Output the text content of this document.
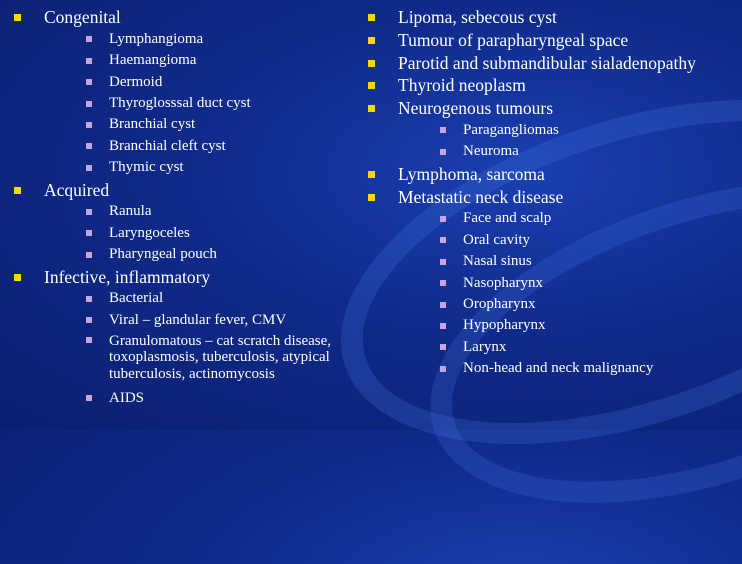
Congenital
Lymphangioma
Haemangioma
Dermoid
Thyroglosssal duct cyst
Branchial cyst
Branchial cleft cyst
Thymic cyst
Acquired
Ranula
Laryngoceles
Pharyngeal pouch
Infective, inflammatory
Bacterial
Viral – glandular fever, CMV
Granulomatous – cat scratch disease, toxoplasmosis, tuberculosis, atypical tuberculosis, actinomycosis
AIDS
Lipoma, sebecous cyst
Tumour of parapharyngeal space
Parotid and submandibular sialadenopathy
Thyroid neoplasm
Neurogenous tumours
Paragangliomas
Neuroma
Lymphoma, sarcoma
Metastatic neck disease
Face and scalp
Oral cavity
Nasal sinus
Nasopharynx
Oropharynx
Hypopharynx
Larynx
Non-head and neck malignancy
